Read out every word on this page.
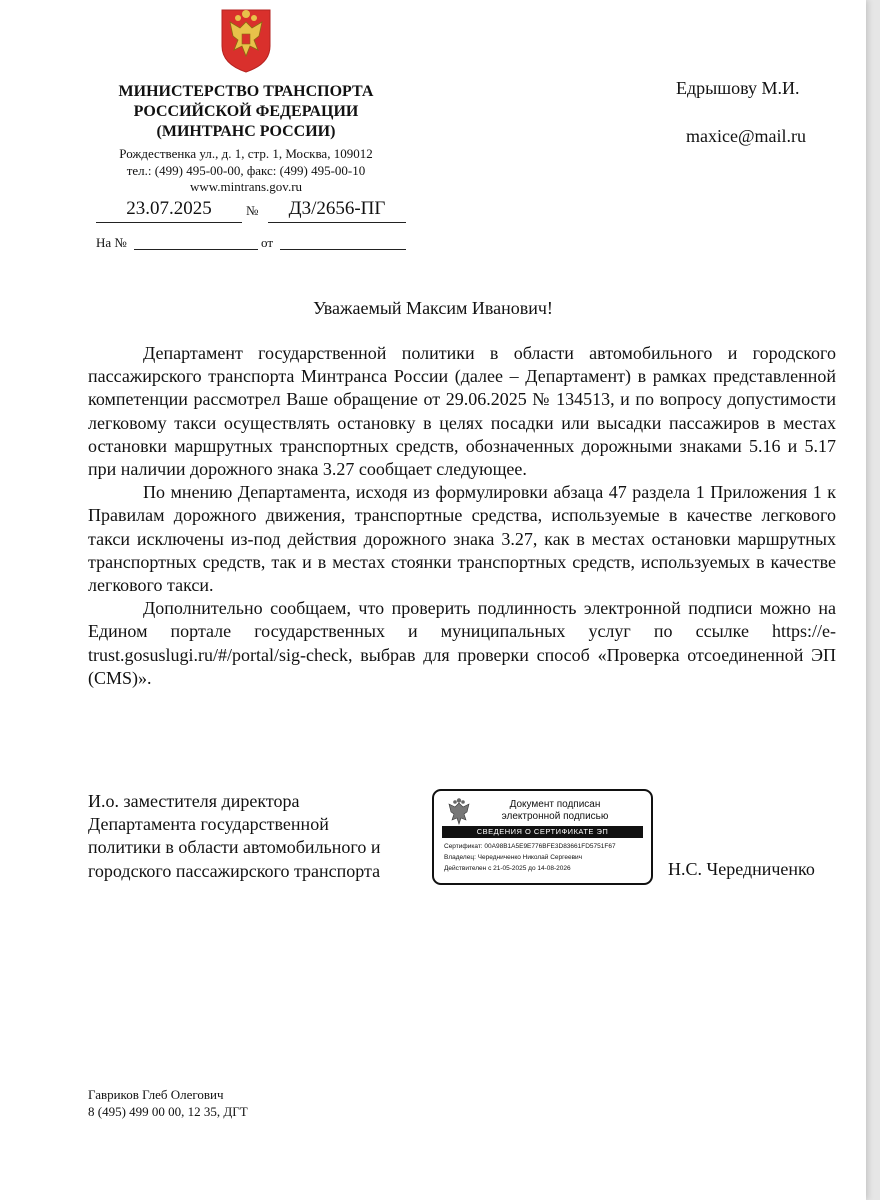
МИНИСТЕРСТВО ТРАНСПОРТА
РОССИЙСКОЙ ФЕДЕРАЦИИ
(МИНТРАНС РОССИИ)
Рождественка ул., д. 1, стр. 1, Москва, 109012
тел.: (499) 495-00-00, факс: (499) 495-00-10
www.mintrans.gov.ru
23.07.2025	№	Д3/2656-ПГ
На №	от
Едрышову М.И.
maxice@mail.ru
Уважаемый Максим Иванович!

Департамент государственной политики в области автомобильного и городского пассажирского транспорта Минтранса России (далее – Департамент) в рамках представленной компетенции рассмотрел Ваше обращение от 29.06.2025 № 134513, и по вопросу допустимости легковому такси осуществлять остановку в целях посадки или высадки пассажиров в местах остановки маршрутных транспортных средств, обозначенных дорожными знаками 5.16 и 5.17 при наличии дорожного знака 3.27 сообщает следующее.

По мнению Департамента, исходя из формулировки абзаца 47 раздела 1 Приложения 1 к Правилам дорожного движения, транспортные средства, используемые в качестве легкового такси исключены из-под действия дорожного знака 3.27, как в местах остановки маршрутных транспортных средств, так и в местах стоянки транспортных средств, используемых в качестве легкового такси.

Дополнительно сообщаем, что проверить подлинность электронной подписи можно на Едином портале государственных и муниципальных услуг по ссылке https://e-trust.gosuslugi.ru/#/portal/sig-check, выбрав для проверки способ «Проверка отсоединенной ЭП (CMS)».

И.о. заместителя директора
Департамента государственной
политики в области автомобильного и
городского пассажирского транспорта
Документ подписан
электронной подписью
СВЕДЕНИЯ О СЕРТИФИКАТЕ ЭП
Сертификат: 00A98B1A5E9E776BFE3D83661FD5751F67
Владелец: Чередниченко Николай Сергеевич
Действителен с 21-05-2025 до 14-08-2026	Н.С. Чередниченко
Гавриков Глеб Олегович
8 (495) 499 00 00, 12 35, ДГТ
